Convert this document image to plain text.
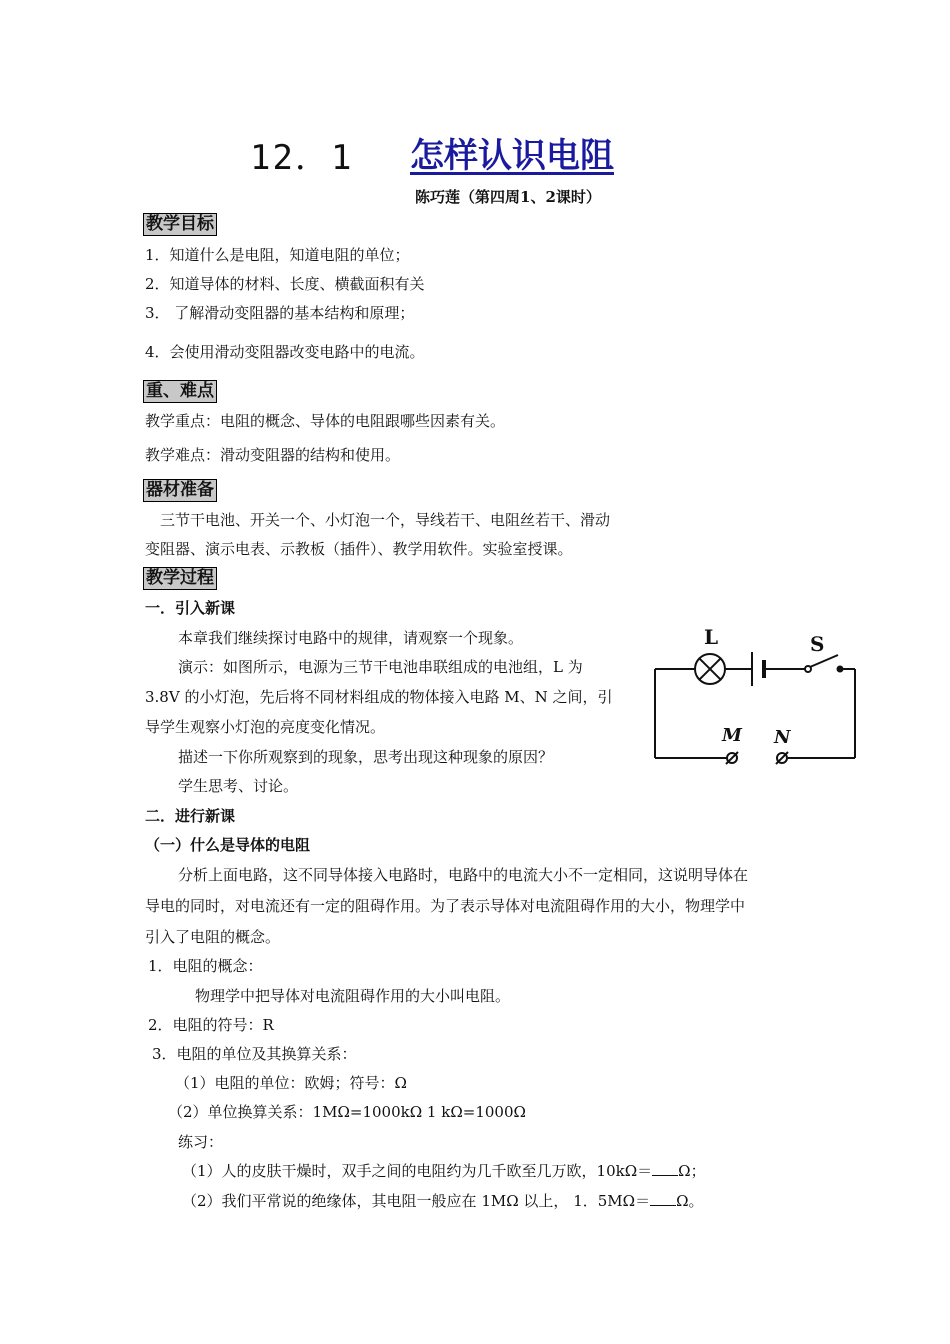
12．1 怎样认识电阻
陈巧莲（第四周1、2课时）
教学目标
1．知道什么是电阻，知道电阻的单位；
2．知道导体的材料、长度、横截面积有关
3． 了解滑动变阻器的基本结构和原理；
4．会使用滑动变阻器改变电路中的电流。
重、难点
教学重点：电阻的概念、导体的电阻跟哪些因素有关。
教学难点：滑动变阻器的结构和使用。
器材准备
三节干电池、开关一个、小灯泡一个，导线若干、电阻丝若干、滑动
变阻器、演示电表、示教板（插件）、教学用软件。实验室授课。
教学过程
一．引入新课
本章我们继续探讨电路中的规律，请观察一个现象。
演示：如图所示，电源为三节干电池串联组成的电池组，L 为
3.8V 的小灯泡，先后将不同材料组成的物体接入电路 M、N 之间，引
导学生观察小灯泡的亮度变化情况。
描述一下你所观察到的现象，思考出现这种现象的原因？
学生思考、讨论。
L	S
M N
二．进行新课
（一）什么是导体的电阻
分析上面电路，这不同导体接入电路时，电路中的电流大小不一定相同，这说明导体在
导电的同时，对电流还有一定的阻碍作用。为了表示导体对电流阻碍作用的大小，物理学中
引入了电阻的概念。
1．电阻的概念：
物理学中把导体对电流阻碍作用的大小叫电阻。
2．电阻的符号：R
3．电阻的单位及其换算关系：
（1）电阻的单位：欧姆；符号：Ω
（2）单位换算关系：1MΩ=1000kΩ 1 kΩ=1000Ω
练习：
（1）人的皮肤干燥时，双手之间的电阻约为几千欧至几万欧，10kΩ＝ Ω；
（2）我们平常说的绝缘体，其电阻一般应在 1MΩ 以上， 1．5MΩ＝ Ω。
